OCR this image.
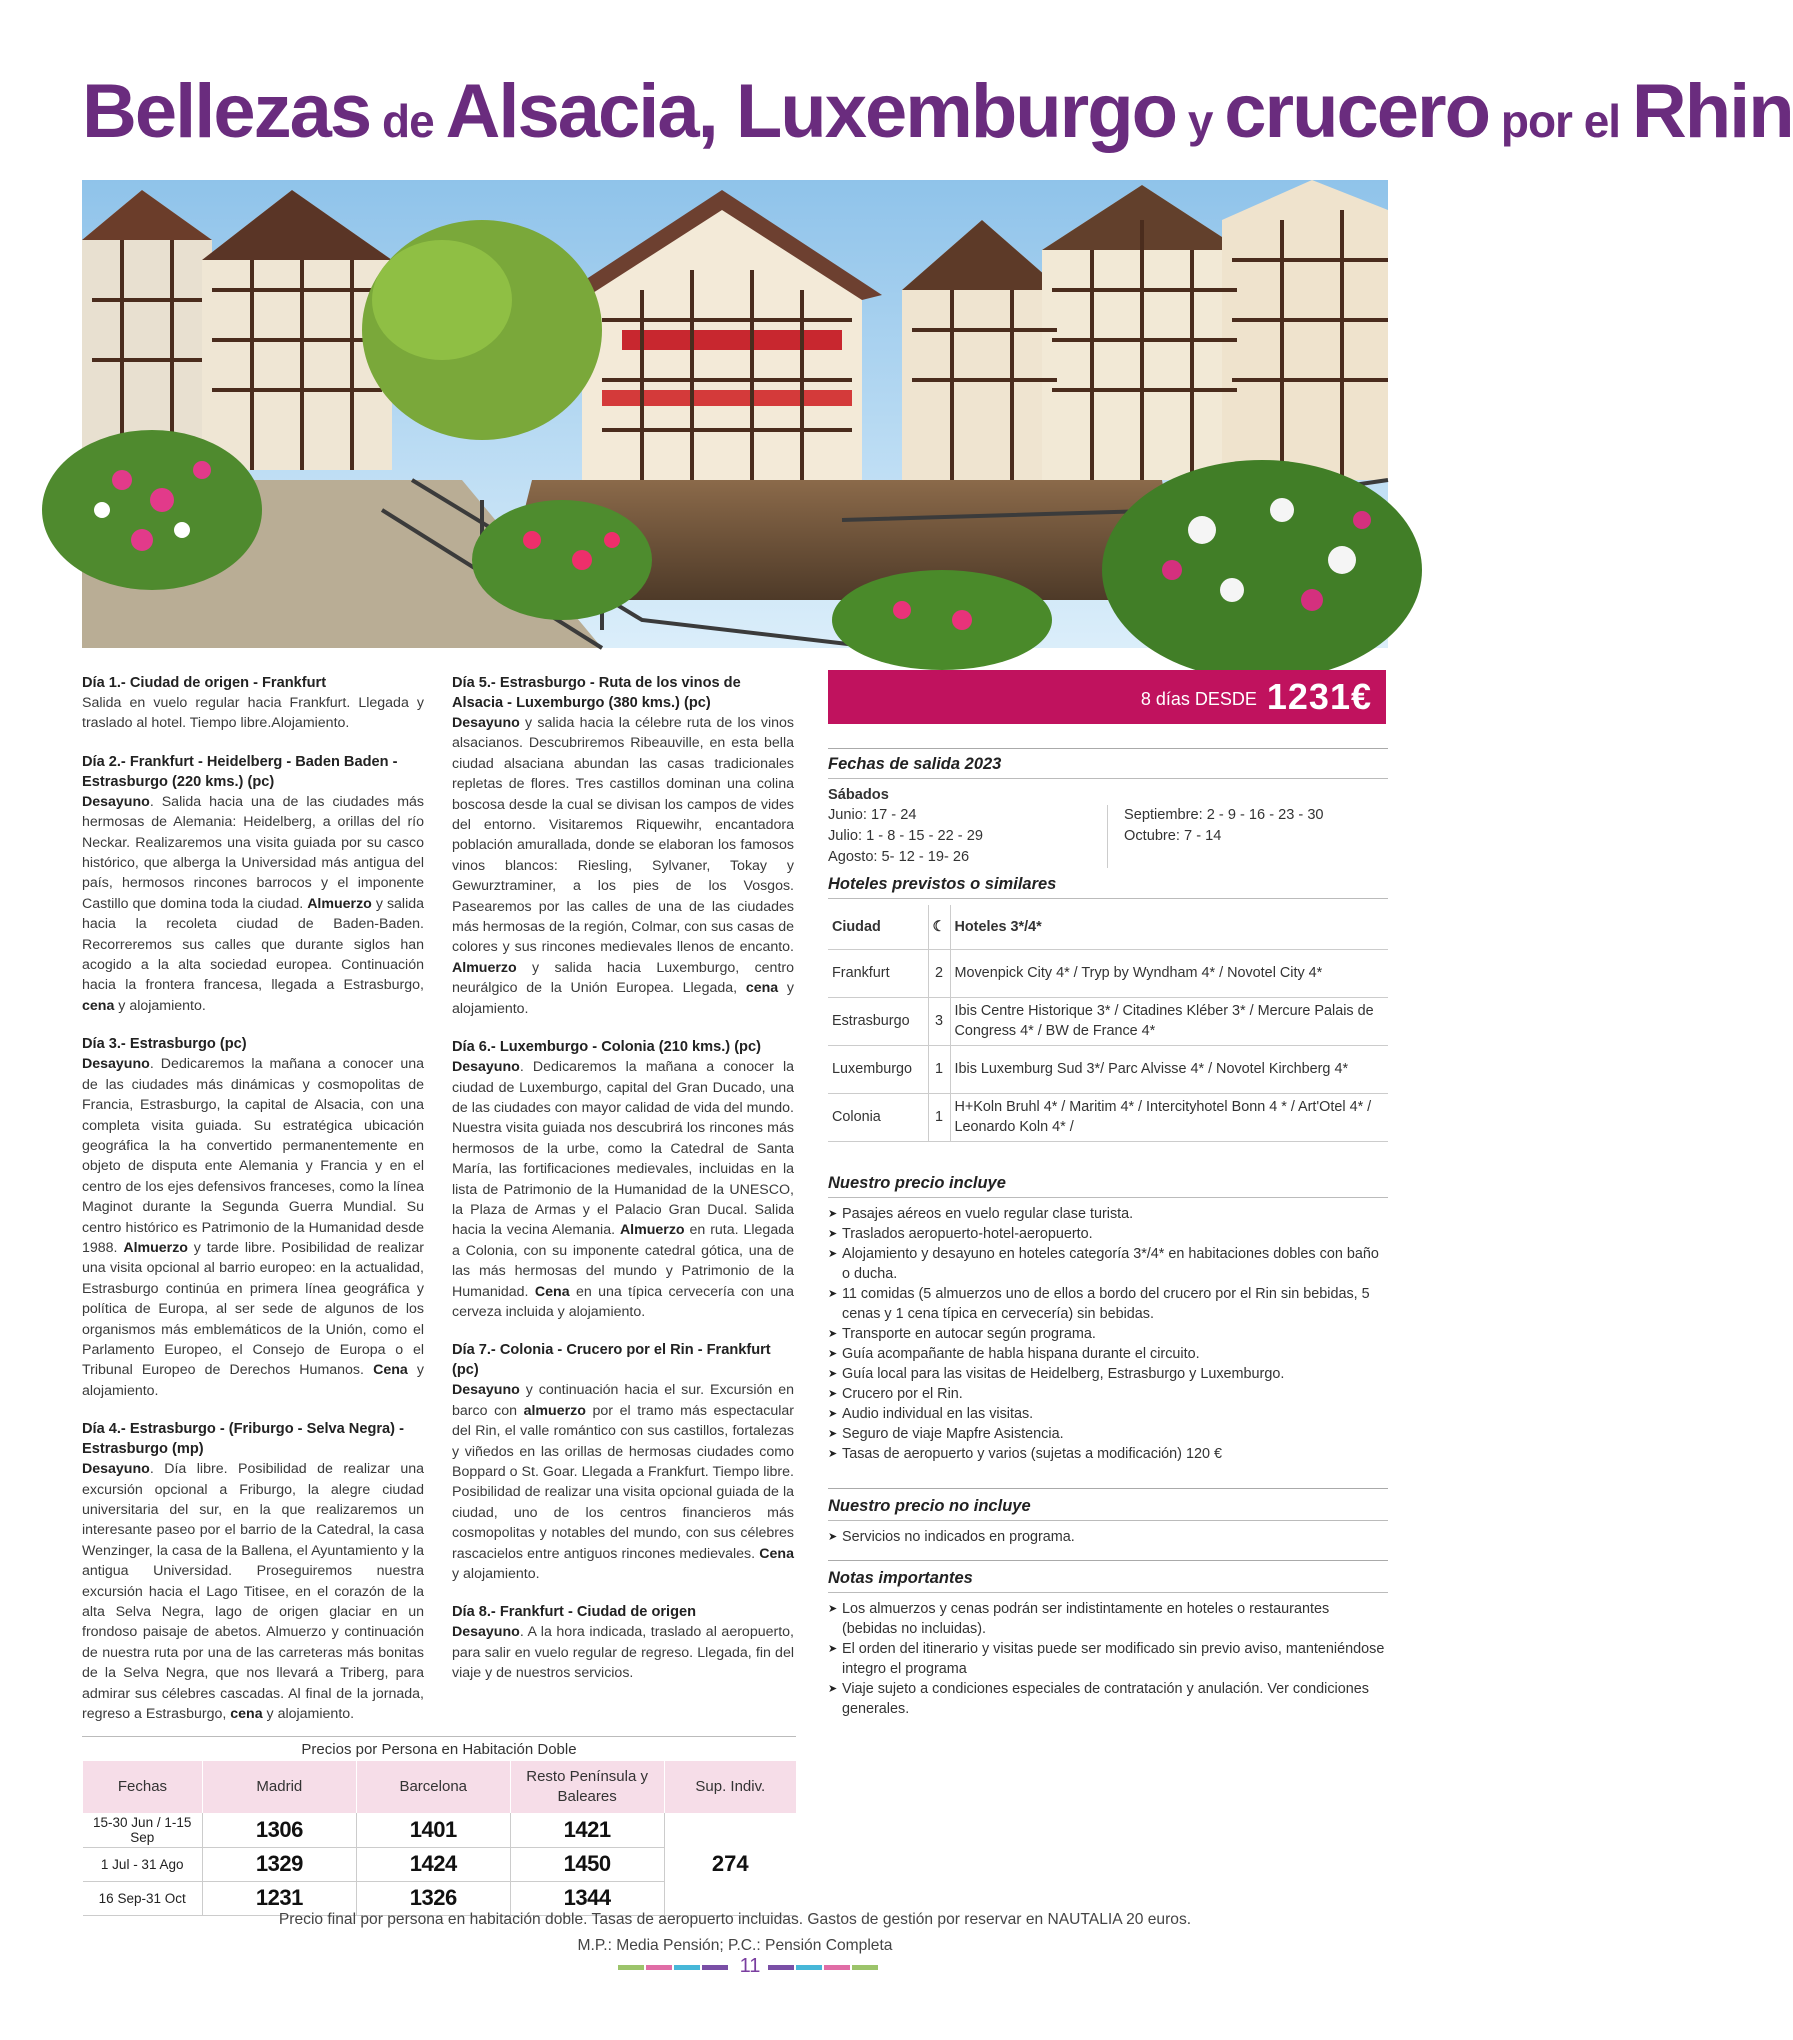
Bellezas de Alsacia, Luxemburgo y crucero por el Rhin
Día 1.- Ciudad de origen - Frankfurt

Salida en vuelo regular hacia Frankfurt. Llegada y traslado al hotel. Tiempo libre.Alojamiento.

Día 2.- Frankfurt - Heidelberg - Baden Baden - Estrasburgo (220 kms.) (pc)

Desayuno. Salida hacia una de las ciudades más hermosas de Alemania: Heidelberg, a orillas del río Neckar. Realizaremos una visita guiada por su casco histórico, que alberga la Universidad más antigua del país, hermosos rincones barrocos y el imponente Castillo que domina toda la ciudad. Almuerzo y salida hacia la recoleta ciudad de Baden-Baden. Recorreremos sus calles que durante siglos han acogido a la alta sociedad europea. Continuación hacia la frontera francesa, llegada a Estrasburgo, cena y alojamiento.

Día 3.- Estrasburgo (pc)

Desayuno. Dedicaremos la mañana a conocer una de las ciudades más dinámicas y cosmopolitas de Francia, Estrasburgo, la capital de Alsacia, con una completa visita guiada. Su estratégica ubicación geográfica la ha convertido permanentemente en objeto de disputa ente Alemania y Francia y en el centro de los ejes defensivos franceses, como la línea Maginot durante la Segunda Guerra Mundial. Su centro histórico es Patrimonio de la Humanidad desde 1988. Almuerzo y tarde libre. Posibilidad de realizar una visita opcional al barrio europeo: en la actualidad, Estrasburgo continúa en primera línea geográfica y política de Europa, al ser sede de algunos de los organismos más emblemáticos de la Unión, como el Parlamento Europeo, el Consejo de Europa o el Tribunal Europeo de Derechos Humanos. Cena y alojamiento.

Día 4.- Estrasburgo - (Friburgo - Selva Negra) - Estrasburgo (mp)

Desayuno. Día libre. Posibilidad de realizar una excursión opcional a Friburgo, la alegre ciudad universitaria del sur, en la que realizaremos un interesante paseo por el barrio de la Catedral, la casa Wenzinger, la casa de la Ballena, el Ayuntamiento y la antigua Universidad. Proseguiremos nuestra excursión hacia el Lago Titisee, en el corazón de la alta Selva Negra, lago de origen glaciar en un frondoso paisaje de abetos. Almuerzo y continuación de nuestra ruta por una de las carreteras más bonitas de la Selva Negra, que nos llevará a Triberg, para admirar sus célebres cascadas. Al final de la jornada, regreso a Estrasburgo, cena y alojamiento.

Día 5.- Estrasburgo - Ruta de los vinos de Alsacia - Luxemburgo (380 kms.) (pc)

Desayuno y salida hacia la célebre ruta de los vinos alsacianos. Descubriremos Ribeauville, en esta bella ciudad alsaciana abundan las casas tradicionales repletas de flores. Tres castillos dominan una colina boscosa desde la cual se divisan los campos de vides del entorno. Visitaremos Riquewihr, encantadora población amurallada, donde se elaboran los famosos vinos blancos: Riesling, Sylvaner, Tokay y Gewurztraminer, a los pies de los Vosgos. Pasearemos por las calles de una de las ciudades más hermosas de la región, Colmar, con sus casas de colores y sus rincones medievales llenos de encanto. Almuerzo y salida hacia Luxemburgo, centro neurálgico de la Unión Europea. Llegada, cena y alojamiento.

Día 6.- Luxemburgo - Colonia (210 kms.) (pc)

Desayuno. Dedicaremos la mañana a conocer la ciudad de Luxemburgo, capital del Gran Ducado, una de las ciudades con mayor calidad de vida del mundo. Nuestra visita guiada nos descubrirá los rincones más hermosos de la urbe, como la Catedral de Santa María, las fortificaciones medievales, incluidas en la lista de Patrimonio de la Humanidad de la UNESCO, la Plaza de Armas y el Palacio Gran Ducal. Salida hacia la vecina Alemania. Almuerzo en ruta. Llegada a Colonia, con su imponente catedral gótica, una de las más hermosas del mundo y Patrimonio de la Humanidad. Cena en una típica cervecería con una cerveza incluida y alojamiento.

Día 7.- Colonia - Crucero por el Rin - Frankfurt (pc)

Desayuno y continuación hacia el sur. Excursión en barco con almuerzo por el tramo más espectacular del Rin, el valle romántico con sus castillos, fortalezas y viñedos en las orillas de hermosas ciudades como Boppard o St. Goar. Llegada a Frankfurt. Tiempo libre. Posibilidad de realizar una visita opcional guiada de la ciudad, uno de los centros financieros más cosmopolitas y notables del mundo, con sus célebres rascacielos entre antiguos rincones medievales. Cena y alojamiento.

Día 8.- Frankfurt - Ciudad de origen

Desayuno. A la hora indicada, traslado al aeropuerto, para salir en vuelo regular de regreso. Llegada, fin del viaje y de nuestros servicios.

8 días DESDE 1231€
Fechas de salida 2023
Sábados
Junio: 17 - 24
Julio: 1 - 8 - 15 - 22 - 29
Agosto: 5- 12 - 19- 26
Septiembre: 2 - 9 - 16 - 23 - 30
Octubre: 7 - 14
Hoteles previstos o similares
Ciudad	☾	Hoteles 3*/4*
Frankfurt	2	Movenpick City 4* / Tryp by Wyndham 4* / Novotel City 4*
Estrasburgo	3	Ibis Centre Historique 3* / Citadines Kléber 3* / Mercure Palais de Congress 4* / BW de France 4*
Luxemburgo	1	Ibis Luxemburg Sud 3*/ Parc Alvisse 4* / Novotel Kirchberg 4*
Colonia	1	H+Koln Bruhl 4* / Maritim 4* / Intercityhotel Bonn 4 * / Art'Otel 4* / Leonardo Koln 4* /
Nuestro precio incluye
➤ Pasajes aéreos en vuelo regular clase turista.
➤ Traslados aeropuerto-hotel-aeropuerto.
➤ Alojamiento y desayuno en hoteles categoría 3*/4* en habitaciones dobles con baño o ducha.
➤ 11 comidas (5 almuerzos uno de ellos a bordo del crucero por el Rin sin bebidas, 5 cenas y 1 cena típica en cervecería) sin bebidas.
➤ Transporte en autocar según programa.
➤ Guía acompañante de habla hispana durante el circuito.
➤ Guía local para las visitas de Heidelberg, Estrasburgo y Luxemburgo.
➤ Crucero por el Rin.
➤ Audio individual en las visitas.
➤ Seguro de viaje Mapfre Asistencia.
➤ Tasas de aeropuerto y varios (sujetas a modificación) 120 €
Nuestro precio no incluye
➤ Servicios no indicados en programa.
Notas importantes
➤ Los almuerzos y cenas podrán ser indistintamente en hoteles o restaurantes (bebidas no incluidas).
➤ El orden del itinerario y visitas puede ser modificado sin previo aviso, manteniéndose integro el programa
➤ Viaje sujeto a condiciones especiales de contratación y anulación. Ver condiciones generales.
Precios por Persona en Habitación Doble
Fechas	Madrid	Barcelona	Resto Península y Baleares	Sup. Indiv.
15-30 Jun / 1-15 Sep	1306	1401	1421	274
1 Jul - 31 Ago	1329	1424	1450	
16 Sep-31 Oct	1231	1326	1344	
Precio final por persona en habitación doble. Tasas de aeropuerto incluidas. Gastos de gestión por reservar en NAUTALIA 20 euros.
M.P.: Media Pensión; P.C.: Pensión Completa
11
